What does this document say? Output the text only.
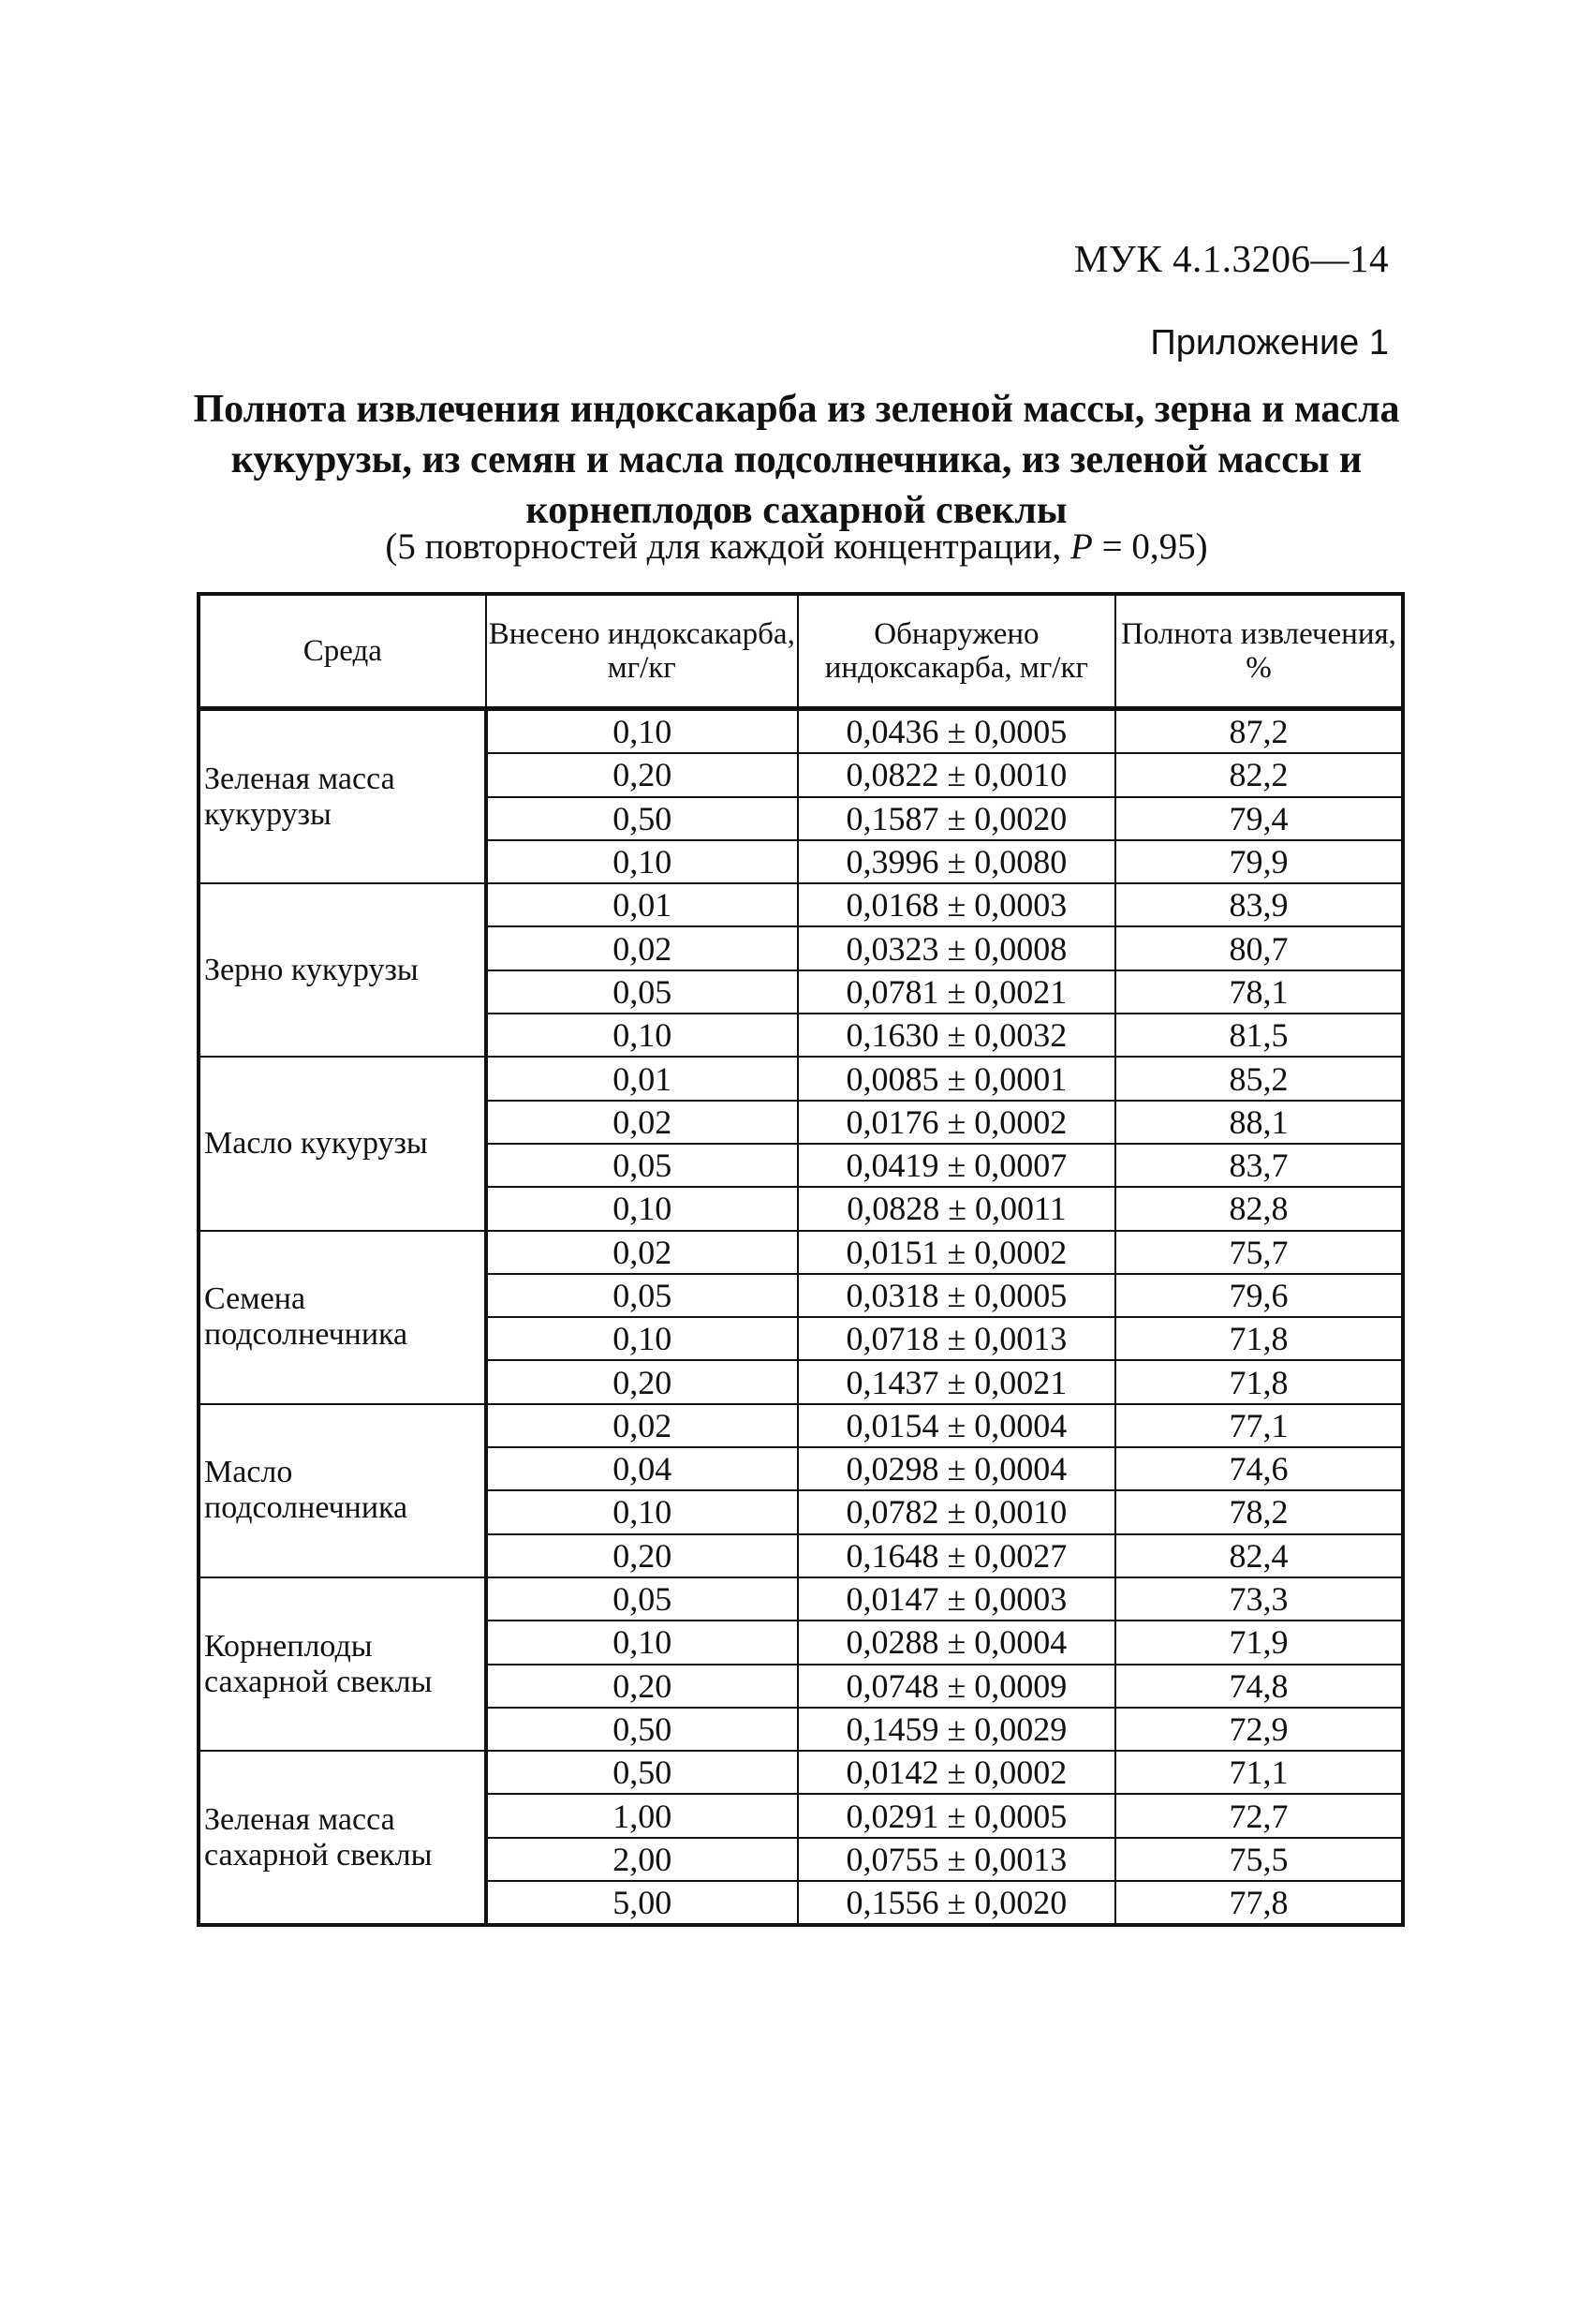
МУК 4.1.3206—14
Приложение 1
Полнота извлечения индоксакарба из зеленой массы, зерна и масла кукурузы, из семян и масла подсолнечника, из зеленой массы и корнеплодов сахарной свеклы
(5 повторностей для каждой концентрации, P = 0,95)
Среда	Внесено индоксакарба, мг/кг	Обнаружено индоксакарба, мг/кг	Полнота извлечения, %
Зеленая масса кукурузы	0,10	0,0436 ± 0,0005	87,2
	0,20	0,0822 ± 0,0010	82,2
	0,50	0,1587 ± 0,0020	79,4
	0,10	0,3996 ± 0,0080	79,9
Зерно кукурузы	0,01	0,0168 ± 0,0003	83,9
	0,02	0,0323 ± 0,0008	80,7
	0,05	0,0781 ± 0,0021	78,1
	0,10	0,1630 ± 0,0032	81,5
Масло кукурузы	0,01	0,0085 ± 0,0001	85,2
	0,02	0,0176 ± 0,0002	88,1
	0,05	0,0419 ± 0,0007	83,7
	0,10	0,0828 ± 0,0011	82,8
Семена подсолнечника	0,02	0,0151 ± 0,0002	75,7
	0,05	0,0318 ± 0,0005	79,6
	0,10	0,0718 ± 0,0013	71,8
	0,20	0,1437 ± 0,0021	71,8
Масло подсолнечника	0,02	0,0154 ± 0,0004	77,1
	0,04	0,0298 ± 0,0004	74,6
	0,10	0,0782 ± 0,0010	78,2
	0,20	0,1648 ± 0,0027	82,4
Корнеплоды сахарной свеклы	0,05	0,0147 ± 0,0003	73,3
	0,10	0,0288 ± 0,0004	71,9
	0,20	0,0748 ± 0,0009	74,8
	0,50	0,1459 ± 0,0029	72,9
Зеленая масса сахарной свеклы	0,50	0,0142 ± 0,0002	71,1
	1,00	0,0291 ± 0,0005	72,7
	2,00	0,0755 ± 0,0013	75,5
	5,00	0,1556 ± 0,0020	77,8
